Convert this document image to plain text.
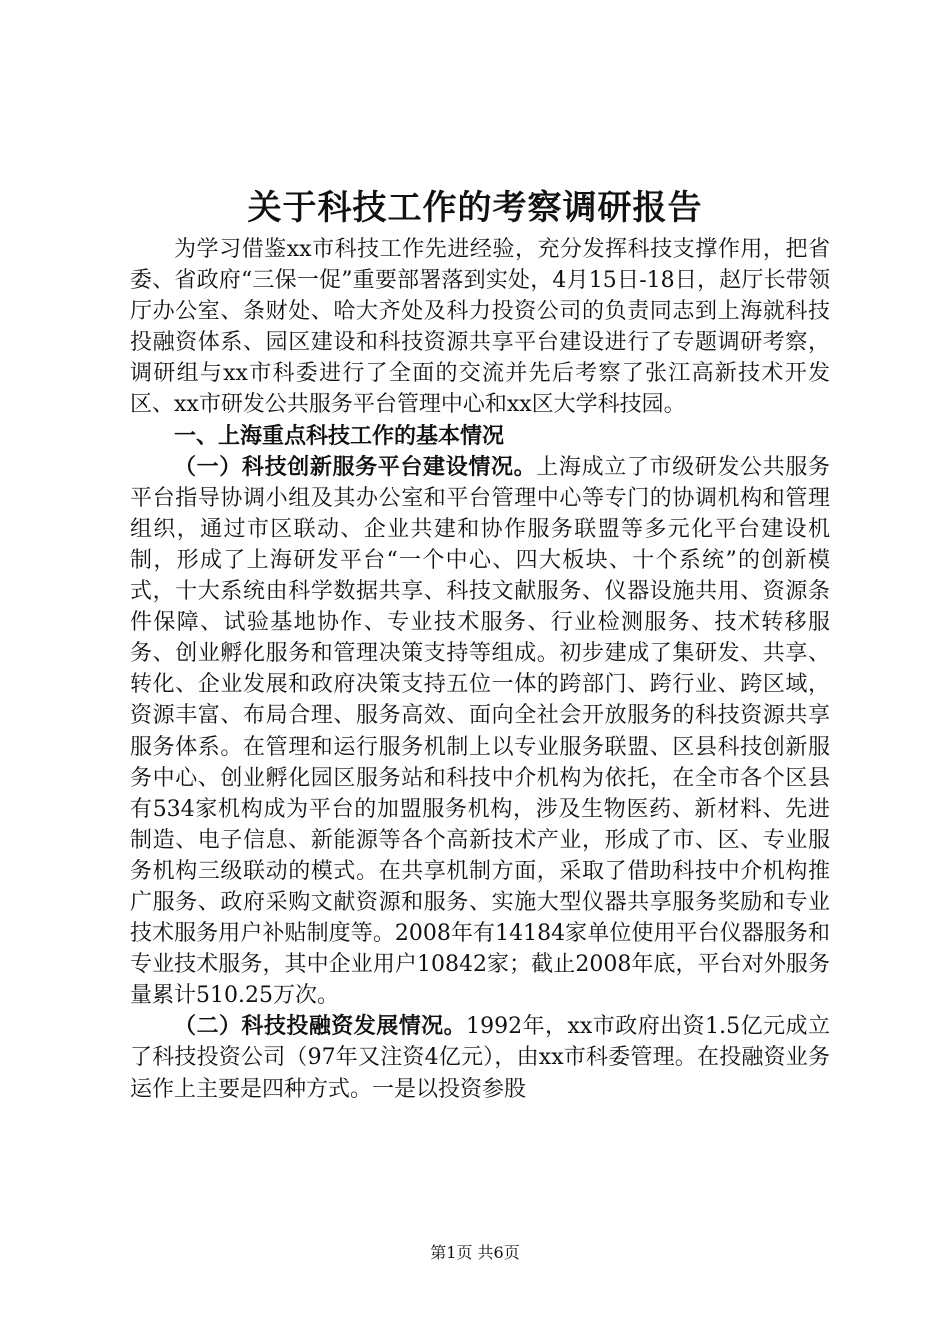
关于科技工作的考察调研报告

为学习借鉴xx市科技工作先进经验，充分发挥科技支撑作用，把省委、省政府“三保一促”重要部署落到实处，4月15日-18日，赵厅长带领厅办公室、条财处、哈大齐处及科力投资公司的负责同志到上海就科技投融资体系、园区建设和科技资源共享平台建设进行了专题调研考察，调研组与xx市科委进行了全面的交流并先后考察了张江高新技术开发区、xx市研发公共服务平台管理中心和xx区大学科技园。

一、上海重点科技工作的基本情况

（一）科技创新服务平台建设情况。上海成立了市级研发公共服务平台指导协调小组及其办公室和平台管理中心等专门的协调机构和管理组织，通过市区联动、企业共建和协作服务联盟等多元化平台建设机制，形成了上海研发平台“一个中心、四大板块、十个系统”的创新模式，十大系统由科学数据共享、科技文献服务、仪器设施共用、资源条件保障、试验基地协作、专业技术服务、行业检测服务、技术转移服务、创业孵化服务和管理决策支持等组成。初步建成了集研发、共享、转化、企业发展和政府决策支持五位一体的跨部门、跨行业、跨区域，资源丰富、布局合理、服务高效、面向全社会开放服务的科技资源共享服务体系。在管理和运行服务机制上以专业服务联盟、区县科技创新服务中心、创业孵化园区服务站和科技中介机构为依托，在全市各个区县有534家机构成为平台的加盟服务机构，涉及生物医药、新材料、先进制造、电子信息、新能源等各个高新技术产业，形成了市、区、专业服务机构三级联动的模式。在共享机制方面，采取了借助科技中介机构推广服务、政府采购文献资源和服务、实施大型仪器共享服务奖励和专业技术服务用户补贴制度等。2008年有14184家单位使用平台仪器服务和专业技术服务，其中企业用户10842家；截止2008年底，平台对外服务量累计510.25万次。

（二）科技投融资发展情况。1992年，xx市政府出资1.5亿元成立了科技投资公司（97年又注资4亿元），由xx市科委管理。在投融资业务运作上主要是四种方式。一是以投资参股

第1页 共6页
